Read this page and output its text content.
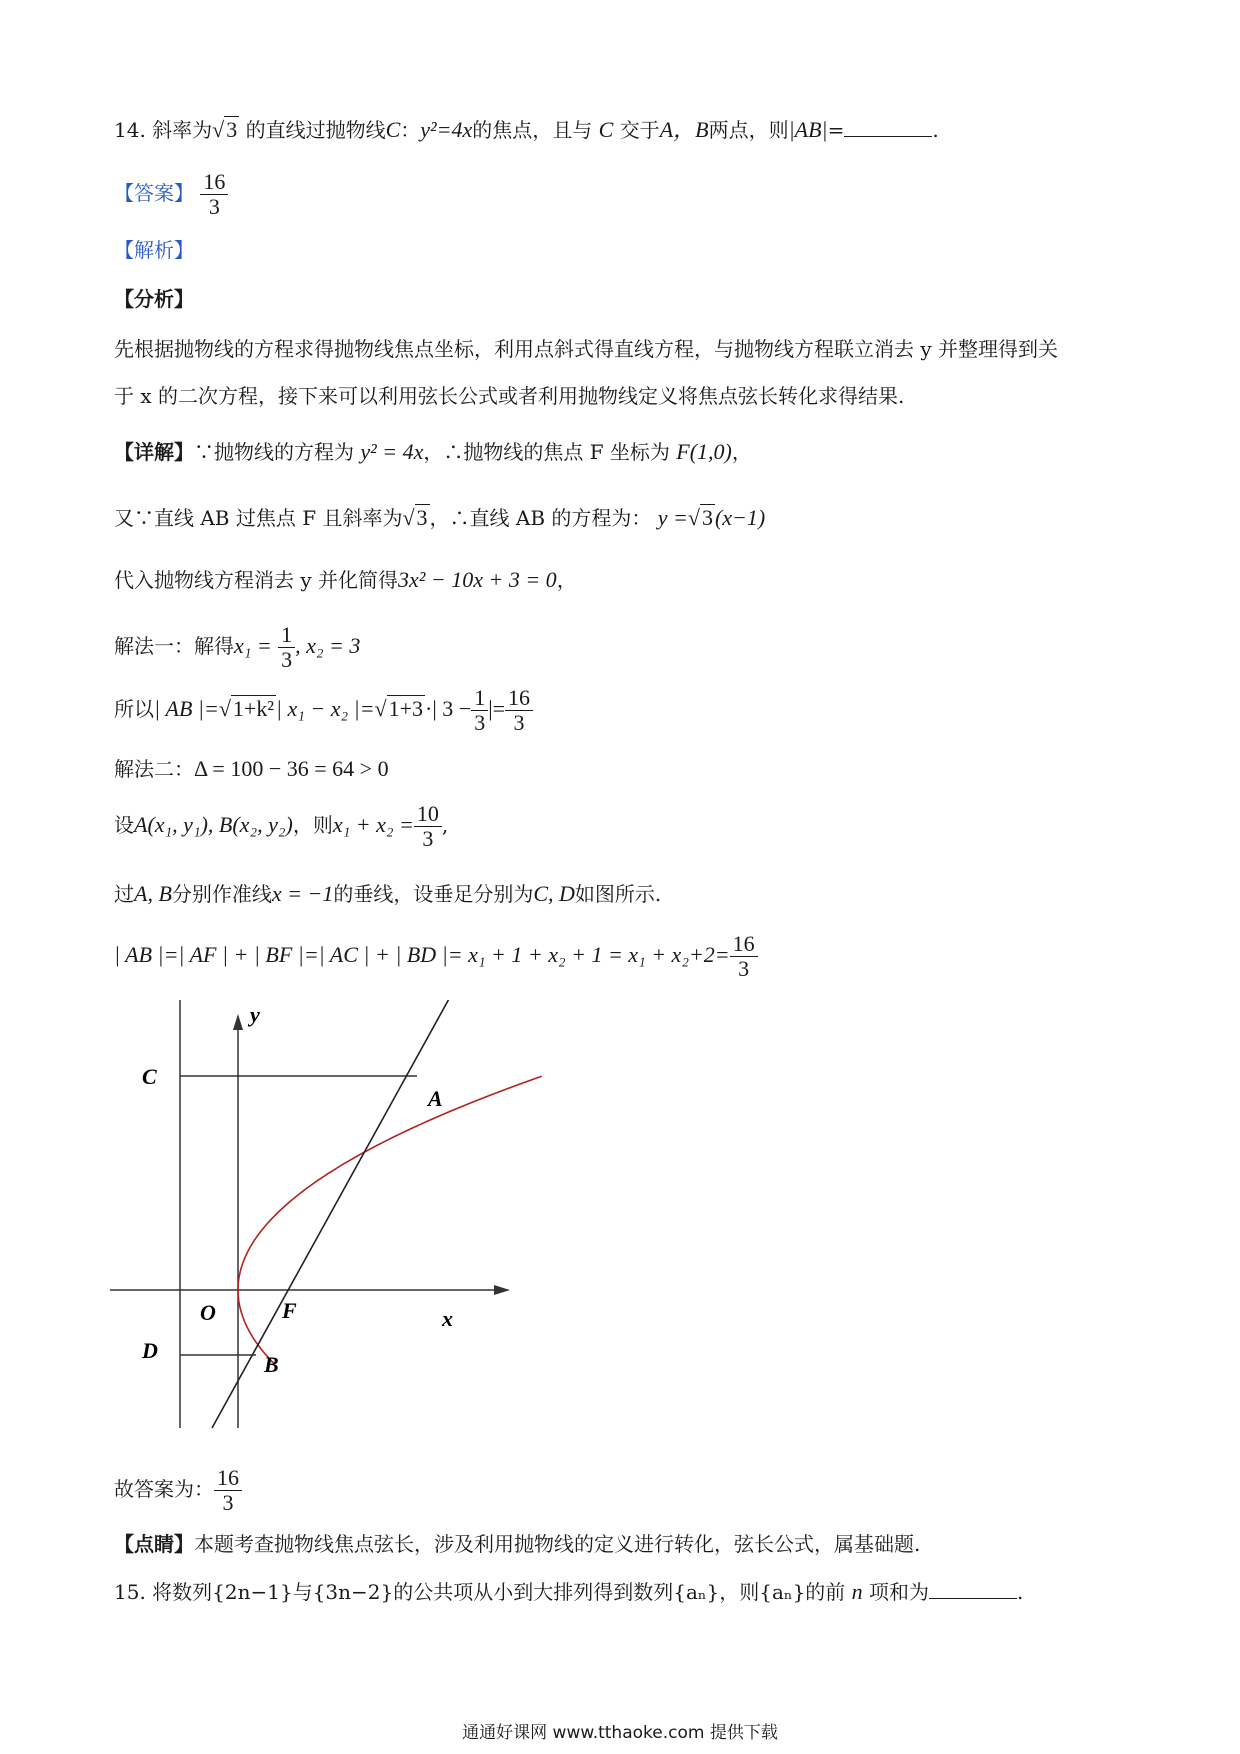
14. 斜率为√3 的直线过抛物线C：y²=4x的焦点，且与 C 交于A，B两点，则|AB|=	.
【答案】 $\frac{16}{3}$
【解析】
【分析】
先根据抛物线的方程求得抛物线焦点坐标，利用点斜式得直线方程，与抛物线方程联立消去 y 并整理得到关
于 x 的二次方程，接下来可以利用弦长公式或者利用抛物线定义将焦点弦长转化求得结果.
【详解】∵抛物线的方程为 y² = 4x，∴抛物线的焦点 F 坐标为 F(1,0)，
又∵直线 AB 过焦点 F 且斜率为√3 ，∴直线 AB 的方程为： y =√3(x−1)
代入抛物线方程消去 y 并化简得3x² − 10x + 3 = 0，
解法一：解得$x_1 = \frac{1}{3}$ , x₂ = 3
所以| AB |=√1+k²| x₁ − x₂ |=√1+3·| $3 - \frac{1}{3}$ |= $\frac{16}{3}$
解法二：Δ = 100 − 36 = 64 > 0
设A(x₁, y₁), B(x₂, y₂)，则$x_1 + x_2 = \frac{10}{3}$ ,
过A, B分别作准线x = −1的垂线，设垂足分别为C, D如图所示.
| AB |=| AF | + | BF |=| AC | + | BD |= $x_1 + 1 + x_2 + 1 = x_1 + x_2+2= \frac{16}{3}$
y
x
O	F
A
B
C
D
故答案为： $\frac{16}{3}$
【点睛】本题考查抛物线焦点弦长，涉及利用抛物线的定义进行转化，弦长公式，属基础题.
15. 将数列{2n−1}与{3n−2}的公共项从小到大排列得到数列{aₙ}，则{aₙ}的前 n 项和为	.
通通好课网 www.tthaoke.com 提供下载
